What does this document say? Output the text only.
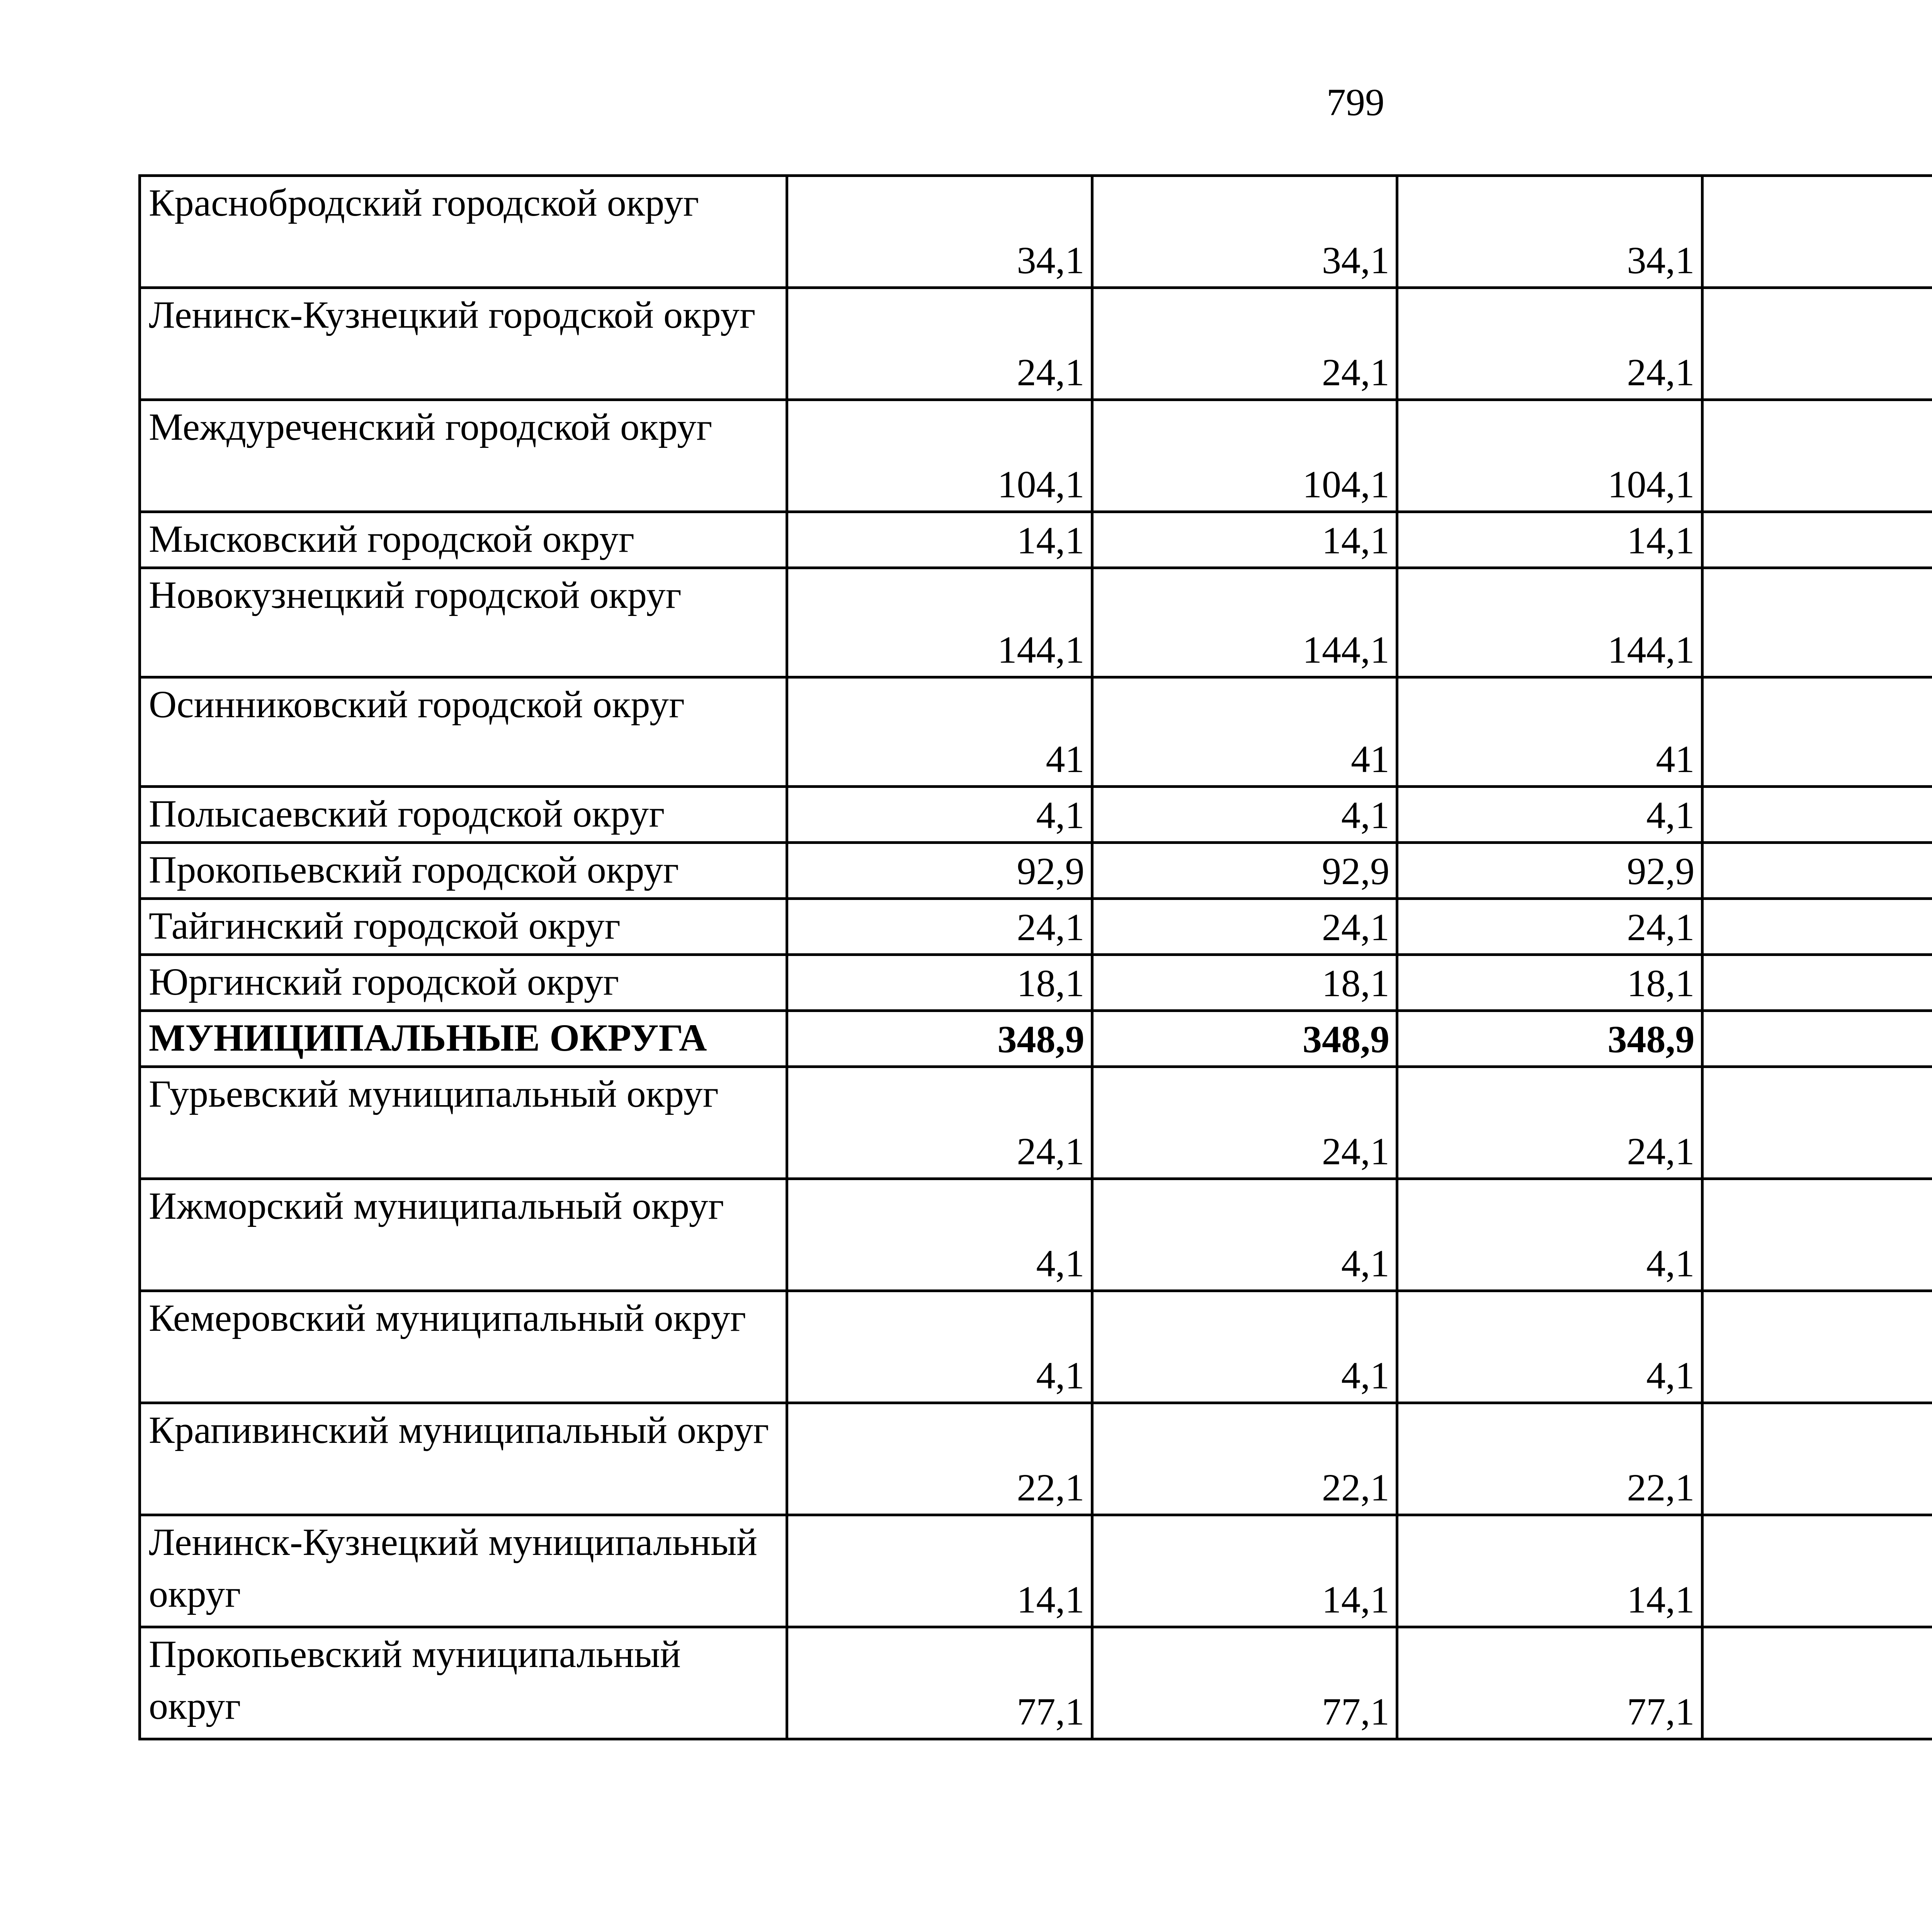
799
Краснобродский городской округ	34,1	34,1	34,1			
Ленинск-Кузнецкий городской округ	24,1	24,1	24,1			
Междуреченский городской округ	104,1	104,1	104,1			
Мысковский городской округ	14,1	14,1	14,1			
Новокузнецкий городской округ	144,1	144,1	144,1			
Осинниковский городской округ	41	41	41			
Полысаевский городской округ	4,1	4,1	4,1			
Прокопьевский городской округ	92,9	92,9	92,9			
Тайгинский городской округ	24,1	24,1	24,1			
Юргинский городской округ	18,1	18,1	18,1			
МУНИЦИПАЛЬНЫЕ ОКРУГА	348,9	348,9	348,9			
Гурьевский муниципальный округ	24,1	24,1	24,1			
Ижморский муниципальный округ	4,1	4,1	4,1			
Кемеровский муниципальный округ	4,1	4,1	4,1			
Крапивинский муниципальный округ	22,1	22,1	22,1			
Ленинск-Кузнецкий муниципальный округ	14,1	14,1	14,1			
Прокопьевский муниципальный округ	77,1	77,1	77,1			
